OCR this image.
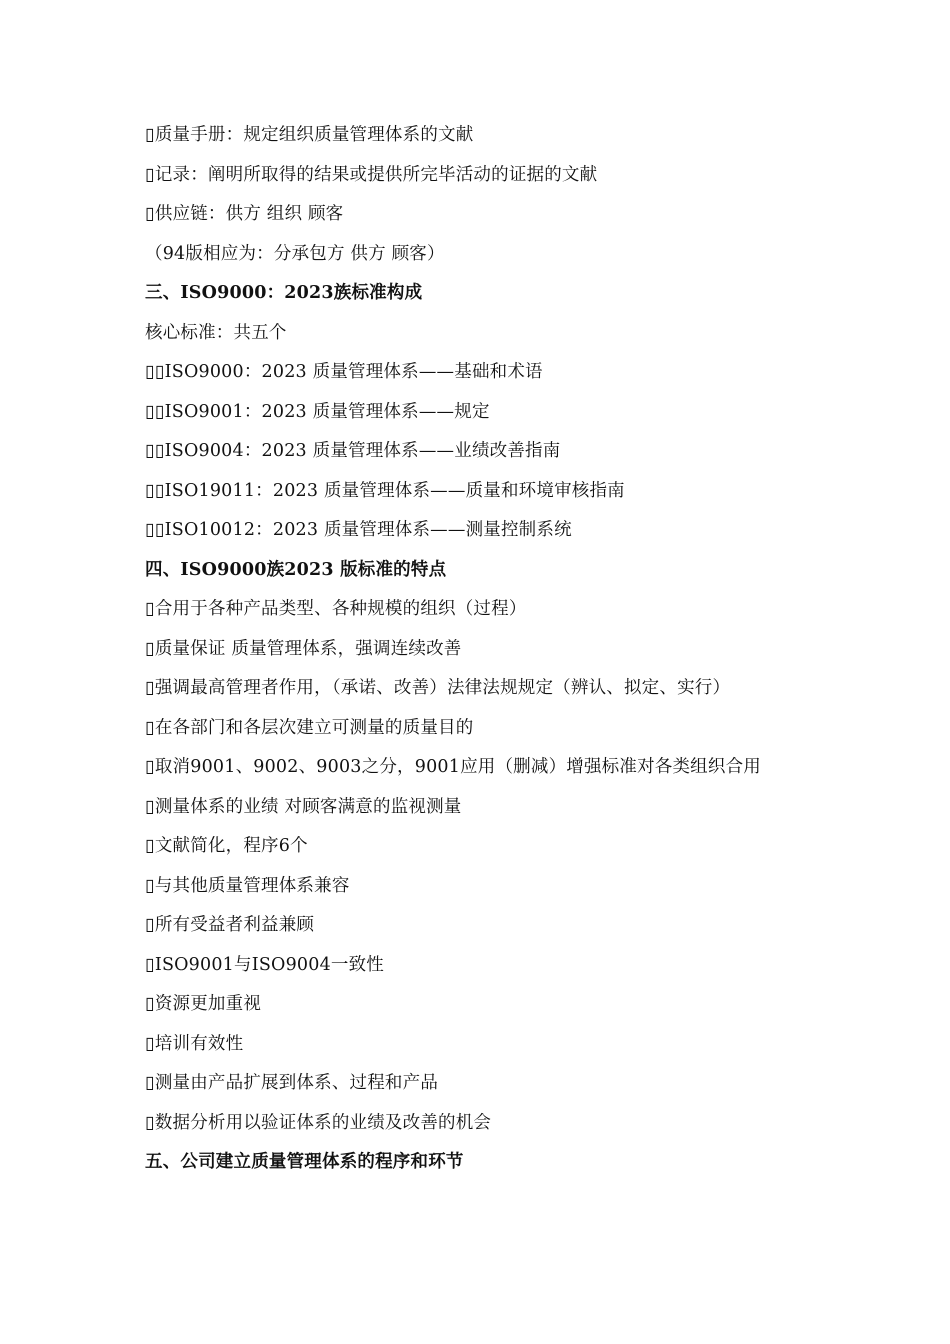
▯质量手册：规定组织质量管理体系的文献
▯记录：阐明所取得的结果或提供所完毕活动的证据的文献
▯供应链：供方 组织 顾客
（94版相应为：分承包方 供方 顾客）
三、ISO9000：2023族标准构成
核心标准：共五个
▯▯ISO9000：2023 质量管理体系——基础和术语
▯▯ISO9001：2023 质量管理体系——规定
▯▯ISO9004：2023 质量管理体系——业绩改善指南
▯▯ISO19011：2023 质量管理体系——质量和环境审核指南
▯▯ISO10012：2023 质量管理体系——测量控制系统
四、ISO9000族2023 版标准的特点
▯合用于各种产品类型、各种规模的组织（过程）
▯质量保证 质量管理体系，强调连续改善
▯强调最高管理者作用，（承诺、改善）法律法规规定（辨认、拟定、实行）
▯在各部门和各层次建立可测量的质量目的
▯取消9001、9002、9003之分，9001应用（删减）增强标准对各类组织合用
▯测量体系的业绩 对顾客满意的监视测量
▯文献简化，程序6个
▯与其他质量管理体系兼容
▯所有受益者利益兼顾
▯ISO9001与ISO9004一致性
▯资源更加重视
▯培训有效性
▯测量由产品扩展到体系、过程和产品
▯数据分析用以验证体系的业绩及改善的机会
五、公司建立质量管理体系的程序和环节
